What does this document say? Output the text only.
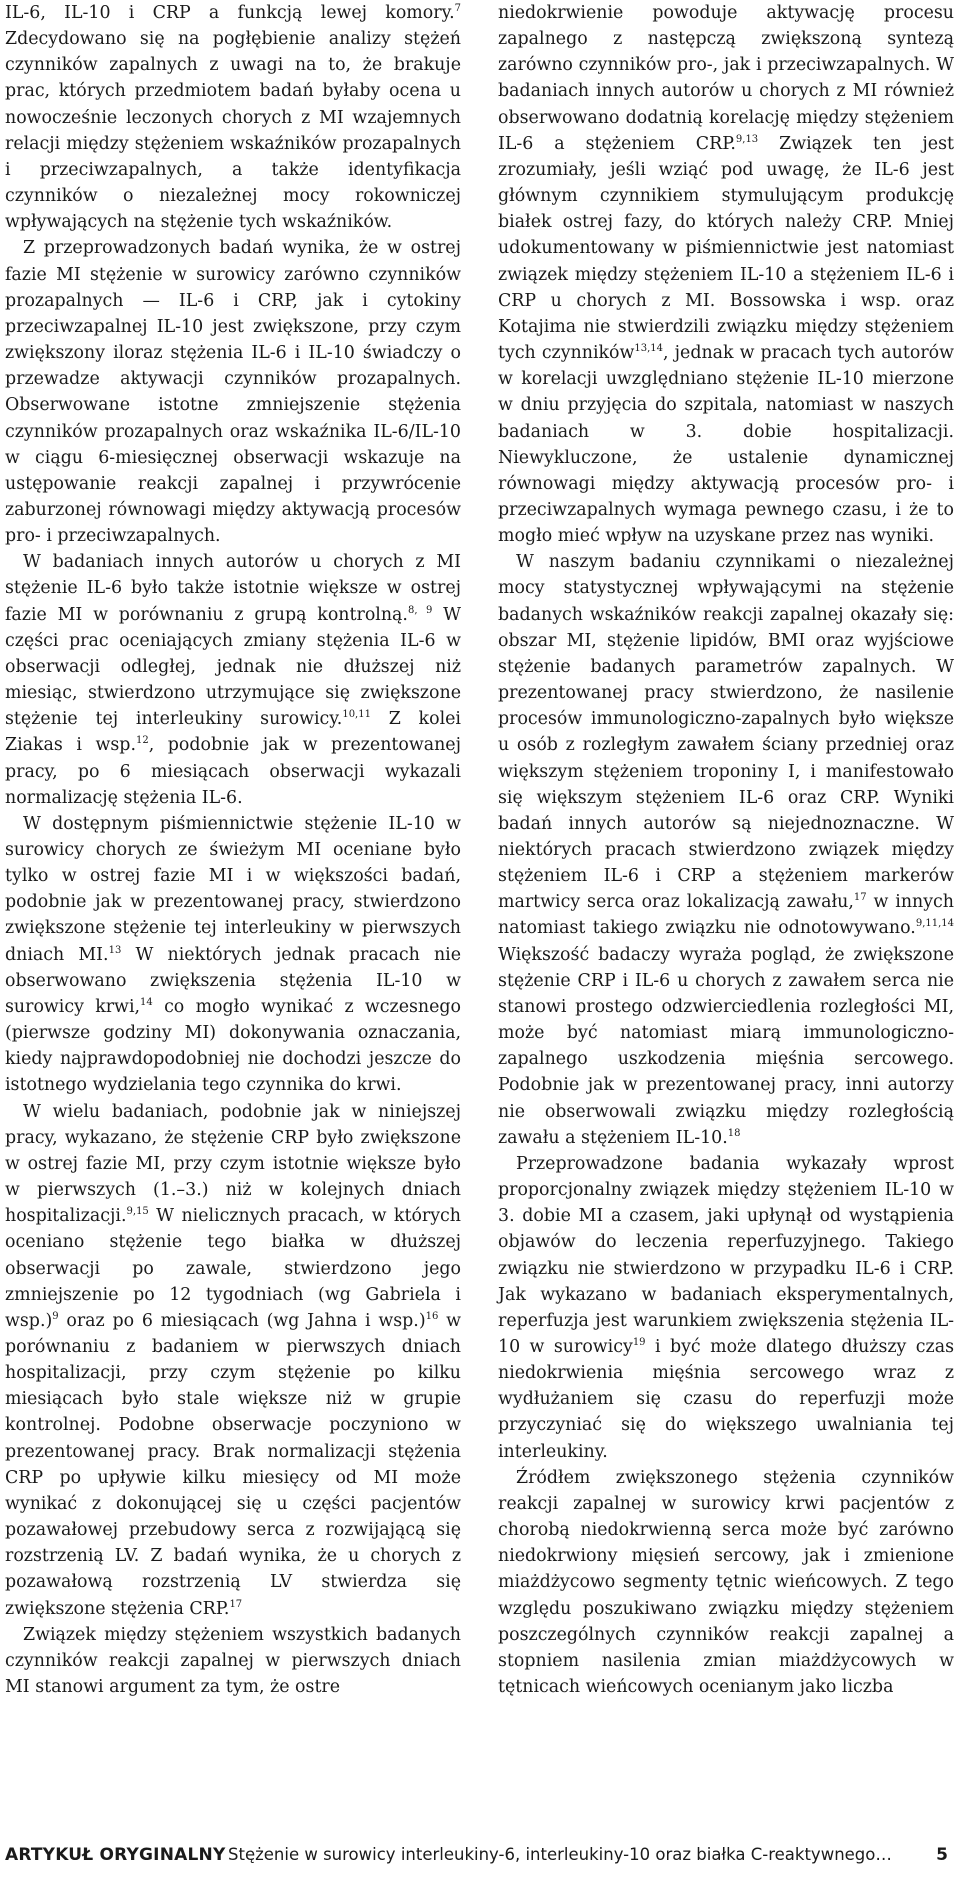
IL-6, IL-10 i CRP a funkcją lewej komory.$^7$ Zdecydowano się na pogłębienie analizy stężeń czynników zapalnych z uwagi na to, że brakuje prac, których przedmiotem badań byłaby ocena u nowocześnie leczonych chorych z MI wzajemnych relacji między stężeniem wskaźników prozapalnych i przeciwzapalnych, a także identyfikacja czynników o niezależnej mocy rokowniczej wpływających na stężenie tych wskaźników.

Z przeprowadzonych badań wynika, że w ostrej fazie MI stężenie w surowicy zarówno czynników prozapalnych — IL-6 i CRP, jak i cytokiny przeciwzapalnej IL-10 jest zwiększone, przy czym zwiększony iloraz stężenia IL-6 i IL-10 świadczy o przewadze aktywacji czynników prozapalnych. Obserwowane istotne zmniejszenie stężenia czynników prozapalnych oraz wskaźnika IL-6/IL-10 w ciągu 6-miesięcznej obserwacji wskazuje na ustępowanie reakcji zapalnej i przywrócenie zaburzonej równowagi między aktywacją procesów pro- i przeciwzapalnych.

W badaniach innych autorów u chorych z MI stężenie IL-6 było także istotnie większe w ostrej fazie MI w porównaniu z grupą kontrolną.$^{8, 9}$ W części prac oceniających zmiany stężenia IL-6 w obserwacji odległej, jednak nie dłuższej niż miesiąc, stwierdzono utrzymujące się zwiększone stężenie tej interleukiny surowicy.$^{10,11}$ Z kolei Ziakas i wsp.$^{12}$, podobnie jak w prezentowanej pracy, po 6 miesiącach obserwacji wykazali normalizację stężenia IL-6.

W dostępnym piśmiennictwie stężenie IL-10 w surowicy chorych ze świeżym MI oceniane było tylko w ostrej fazie MI i w większości badań, podobnie jak w prezentowanej pracy, stwierdzono zwiększone stężenie tej interleukiny w pierwszych dniach MI.$^{13}$ W niektórych jednak pracach nie obserwowano zwiększenia stężenia IL-10 w surowicy krwi,$^{14}$ co mogło wynikać z wczesnego (pierwsze godziny MI) dokonywania oznaczania, kiedy najprawdopodobniej nie dochodzi jeszcze do istotnego wydzielania tego czynnika do krwi.

W wielu badaniach, podobnie jak w niniejszej pracy, wykazano, że stężenie CRP było zwiększone w ostrej fazie MI, przy czym istotnie większe było w pierwszych (1.–3.) niż w kolejnych dniach hospitalizacji.$^{9,15}$ W nielicznych pracach, w których oceniano stężenie tego białka w dłuższej obserwacji po zawale, stwierdzono jego zmniejszenie po 12 tygodniach (wg Gabriela i wsp.)$^9$ oraz po 6 miesiącach (wg Jahna i wsp.)$^{16}$ w porównaniu z badaniem w pierwszych dniach hospitalizacji, przy czym stężenie po kilku miesiącach było stale większe niż w grupie kontrolnej. Podobne obserwacje poczyniono w prezentowanej pracy. Brak normalizacji stężenia CRP po upływie kilku miesięcy od MI może wynikać z dokonującej się u części pacjentów pozawałowej przebudowy serca z rozwijającą się rozstrzenią LV. Z badań wynika, że u chorych z pozawałową rozstrzenią LV stwierdza się zwiększone stężenia CRP.$^{17}$

Związek między stężeniem wszystkich badanych czynników reakcji zapalnej w pierwszych dniach MI stanowi argument za tym, że ostre

niedokrwienie powoduje aktywację procesu zapalnego z następczą zwiększoną syntezą zarówno czynników pro-, jak i przeciwzapalnych. W badaniach innych autorów u chorych z MI również obserwowano dodatnią korelację między stężeniem IL-6 a stężeniem CRP.$^{9,13}$ Związek ten jest zrozumiały, jeśli wziąć pod uwagę, że IL-6 jest głównym czynnikiem stymulującym produkcję białek ostrej fazy, do których należy CRP. Mniej udokumentowany w piśmiennictwie jest natomiast związek między stężeniem IL-10 a stężeniem IL-6 i CRP u chorych z MI. Bossowska i wsp. oraz Kotajima nie stwierdzili związku między stężeniem tych czynników$^{13,14}$, jednak w pracach tych autorów w korelacji uwzględniano stężenie IL-10 mierzone w dniu przyjęcia do szpitala, natomiast w naszych badaniach w 3. dobie hospitalizacji. Niewykluczone, że ustalenie dynamicznej równowagi między aktywacją procesów pro- i przeciwzapalnych wymaga pewnego czasu, i że to mogło mieć wpływ na uzyskane przez nas wyniki.

W naszym badaniu czynnikami o niezależnej mocy statystycznej wpływającymi na stężenie badanych wskaźników reakcji zapalnej okazały się: obszar MI, stężenie lipidów, BMI oraz wyjściowe stężenie badanych parametrów zapalnych. W prezentowanej pracy stwierdzono, że nasilenie procesów immunologiczno-zapalnych było większe u osób z rozległym zawałem ściany przedniej oraz większym stężeniem troponiny I, i manifestowało się większym stężeniem IL-6 oraz CRP. Wyniki badań innych autorów są niejednoznaczne. W niektórych pracach stwierdzono związek między stężeniem IL-6 i CRP a stężeniem markerów martwicy serca oraz lokalizacją zawału,$^{17}$ w innych natomiast takiego związku nie odnotowywano.$^{9,11,14}$ Większość badaczy wyraża pogląd, że zwiększone stężenie CRP i IL-6 u chorych z zawałem serca nie stanowi prostego odzwierciedlenia rozległości MI, może być natomiast miarą immunologiczno-zapalnego uszkodzenia mięśnia sercowego. Podobnie jak w prezentowanej pracy, inni autorzy nie obserwowali związku między rozległością zawału a stężeniem IL-10.18

Przeprowadzone badania wykazały wprost proporcjonalny związek między stężeniem IL-10 w 3. dobie MI a czasem, jaki upłynął od wystąpienia objawów do leczenia reperfuzyjnego. Takiego związku nie stwierdzono w przypadku IL-6 i CRP. Jak wykazano w badaniach eksperymentalnych, reperfuzja jest warunkiem zwiększenia stężenia IL-10 w surowicy$^{19}$ i być może dlatego dłuższy czas niedokrwienia mięśnia sercowego wraz z wydłużaniem się czasu do reperfuzji może przyczyniać się do większego uwalniania tej interleukiny.

Źródłem zwiększonego stężenia czynników reakcji zapalnej w surowicy krwi pacjentów z chorobą niedokrwienną serca może być zarówno niedokrwiony mięsień sercowy, jak i zmienione miażdżycowo segmenty tętnic wieńcowych. Z tego względu poszukiwano związku między stężeniem poszczególnych czynników reakcji zapalnej a stopniem nasilenia zmian miażdżycowych w tętnicach wieńcowych ocenianym jako liczba

ARTYKUŁ ORYGINALNY Stężenie w surowicy interleukiny-6, interleukiny-10 oraz białka C-reaktywnego…	5
